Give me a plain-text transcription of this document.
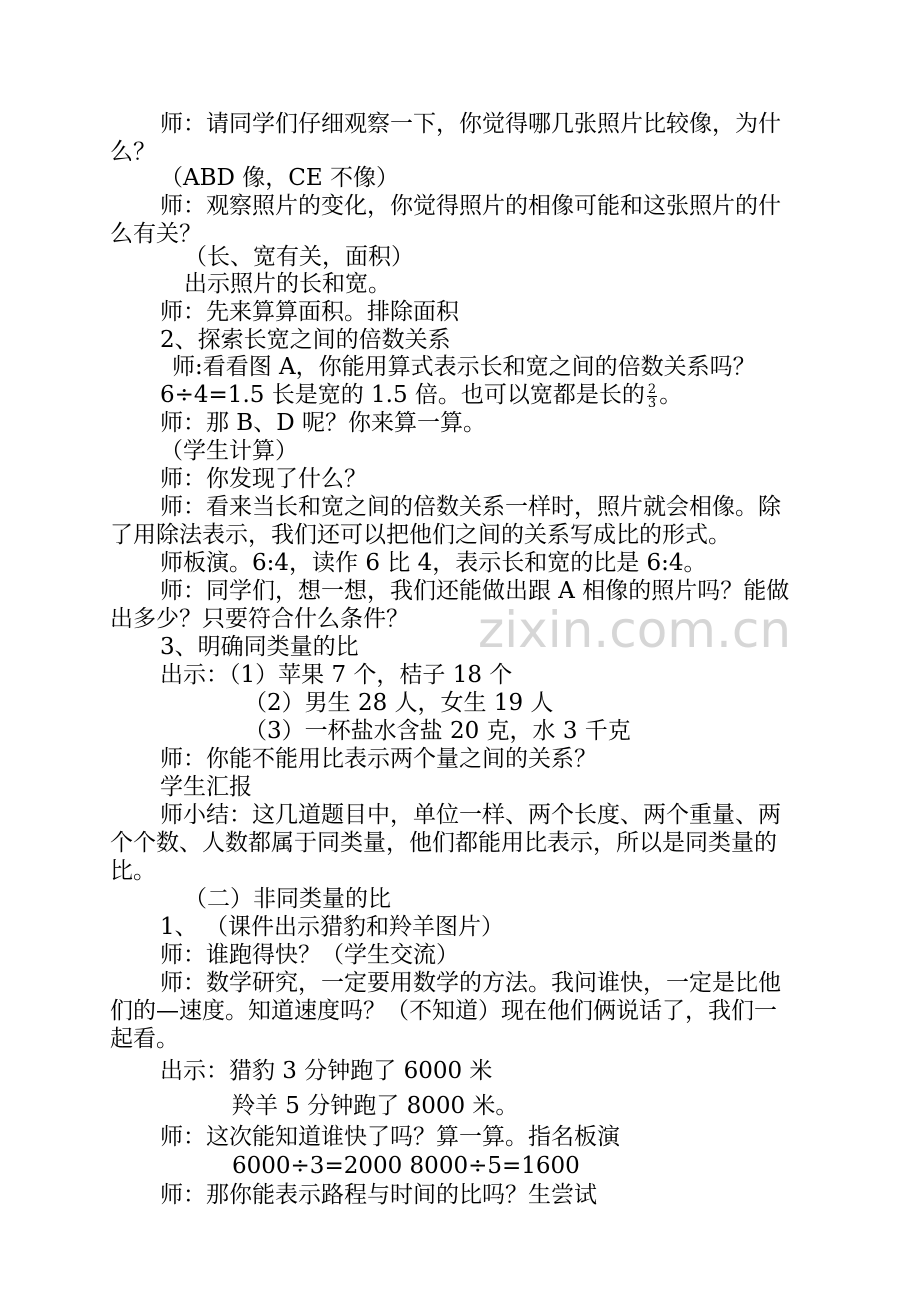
师：请同学们仔细观察一下，你觉得哪几张照片比较像，为什
么？
（ABD 像，CE 不像）
师：观察照片的变化，你觉得照片的相像可能和这张照片的什
么有关？
（长、宽有关，面积）
出示照片的长和宽。
师：先来算算面积。排除面积
2、探索长宽之间的倍数关系
师:看看图 A，你能用算式表示长和宽之间的倍数关系吗？
6÷4=1.5 长是宽的 1.5 倍。也可以宽都是长的 $\frac{2}{3}$ 。
师：那 B、D 呢？你来算一算。
（学生计算）
师：你发现了什么？
师：看来当长和宽之间的倍数关系一样时，照片就会相像。除
了用除法表示，我们还可以把他们之间的关系写成比的形式。
师板演。6:4，读作 6 比 4，表示长和宽的比是 6:4。
师：同学们，想一想，我们还能做出跟 A 相像的照片吗？能做
出多少？只要符合什么条件？
3、明确同类量的比
出示：（1）苹果 7 个，桔子 18 个
（2）男生 28 人，女生 19 人
（3）一杯盐水含盐 20 克，水 3 千克
师：你能不能用比表示两个量之间的关系？
学生汇报
师小结：这几道题目中，单位一样、两个长度、两个重量、两
个个数、人数都属于同类量，他们都能用比表示，所以是同类量的
比。
（二）非同类量的比
1、 （课件出示猎豹和羚羊图片）
师：谁跑得快？（学生交流）
师：数学研究，一定要用数学的方法。我问谁快，一定是比他
们的—速度。知道速度吗？（不知道）现在他们俩说话了，我们一
起看。
出示：猎豹 3 分钟跑了 6000 米
羚羊 5 分钟跑了 8000 米。
师：这次能知道谁快了吗？算一算。指名板演
6000÷3=2000 8000÷5=1600
师：那你能表示路程与时间的比吗？生尝试
zixin.com.cn
